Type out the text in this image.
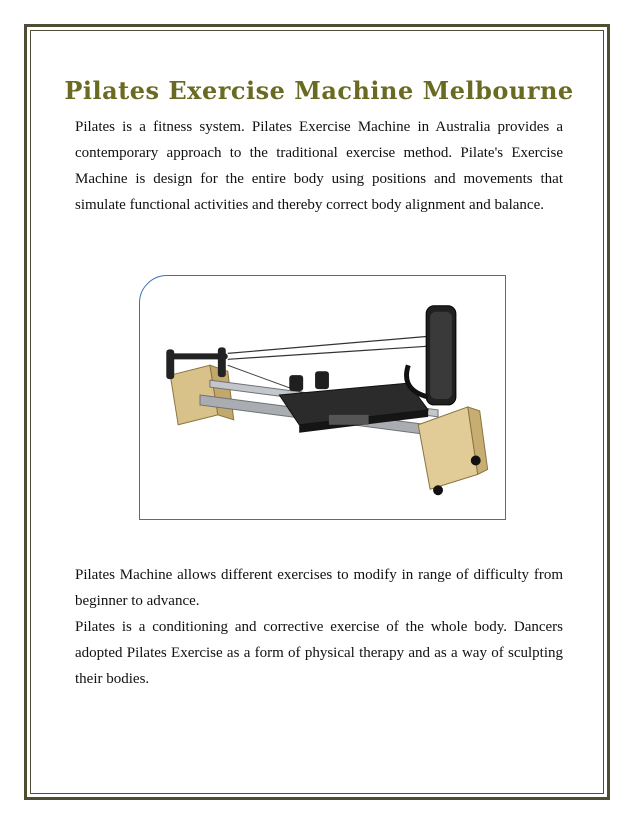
Pilates Exercise Machine Melbourne

Pilates is a fitness system. Pilates Exercise Machine in Australia provides a contemporary approach to the traditional exercise method. Pilate's Exercise Machine is design for the entire body using positions and movements that simulate functional activities and thereby correct body alignment and balance.

Pilates Machine allows different exercises to modify in range of difficulty from beginner to advance.

Pilates is a conditioning and corrective exercise of the whole body. Dancers adopted Pilates Exercise as a form of physical therapy and as a way of sculpting their bodies.
